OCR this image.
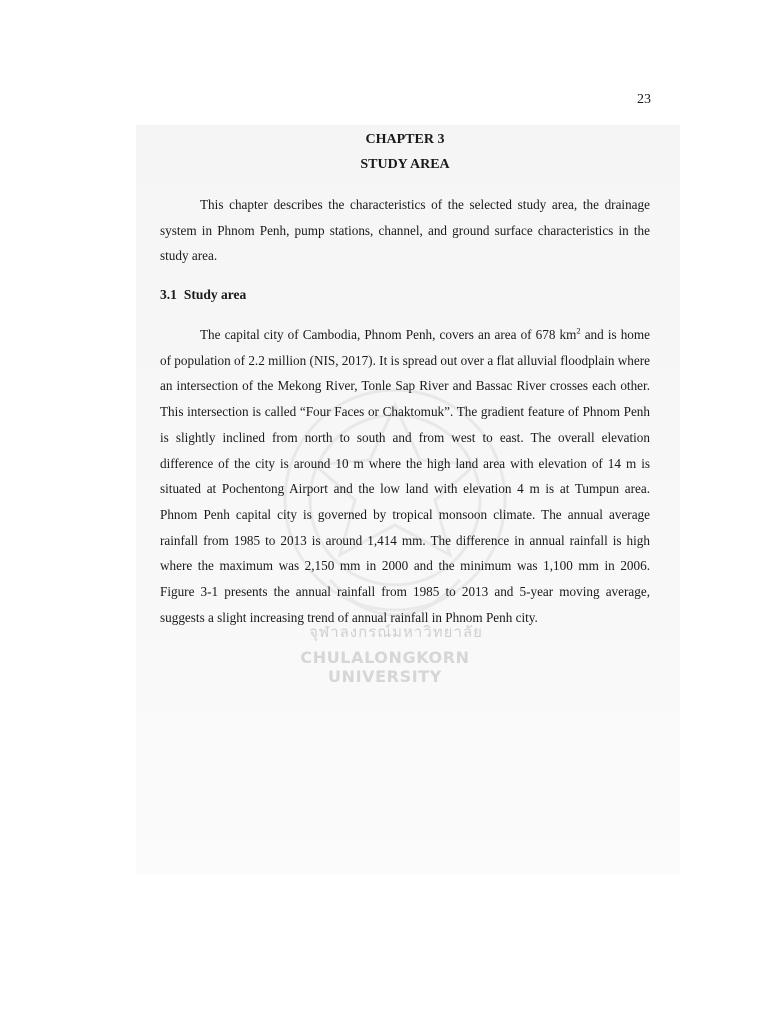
จุฬาลงกรณ์มหาวิทยาลัย
CHULALONGKORN UNIVERSITY
23
CHAPTER 3
STUDY AREA

This chapter describes the characteristics of the selected study area, the drainage system in Phnom Penh, pump stations, channel, and ground surface characteristics in the study area.

3.1 Study area

The capital city of Cambodia, Phnom Penh, covers an area of 678 $km^2$ and is home of population of 2.2 million (NIS, 2017). It is spread out over a flat alluvial floodplain where an intersection of the Mekong River, Tonle Sap River and Bassac River crosses each other. This intersection is called “Four Faces or Chaktomuk”. The gradient feature of Phnom Penh is slightly inclined from north to south and from west to east. The overall elevation difference of the city is around 10 m where the high land area with elevation of 14 m is situated at Pochentong Airport and the low land with elevation 4 m is at Tumpun area. Phnom Penh capital city is governed by tropical monsoon climate. The annual average rainfall from 1985 to 2013 is around 1,414 mm. The difference in annual rainfall is high where the maximum was 2,150 mm in 2000 and the minimum was 1,100 mm in 2006. Figure 3-1 presents the annual rainfall from 1985 to 2013 and 5-year moving average, suggests a slight increasing trend of annual rainfall in Phnom Penh city.
